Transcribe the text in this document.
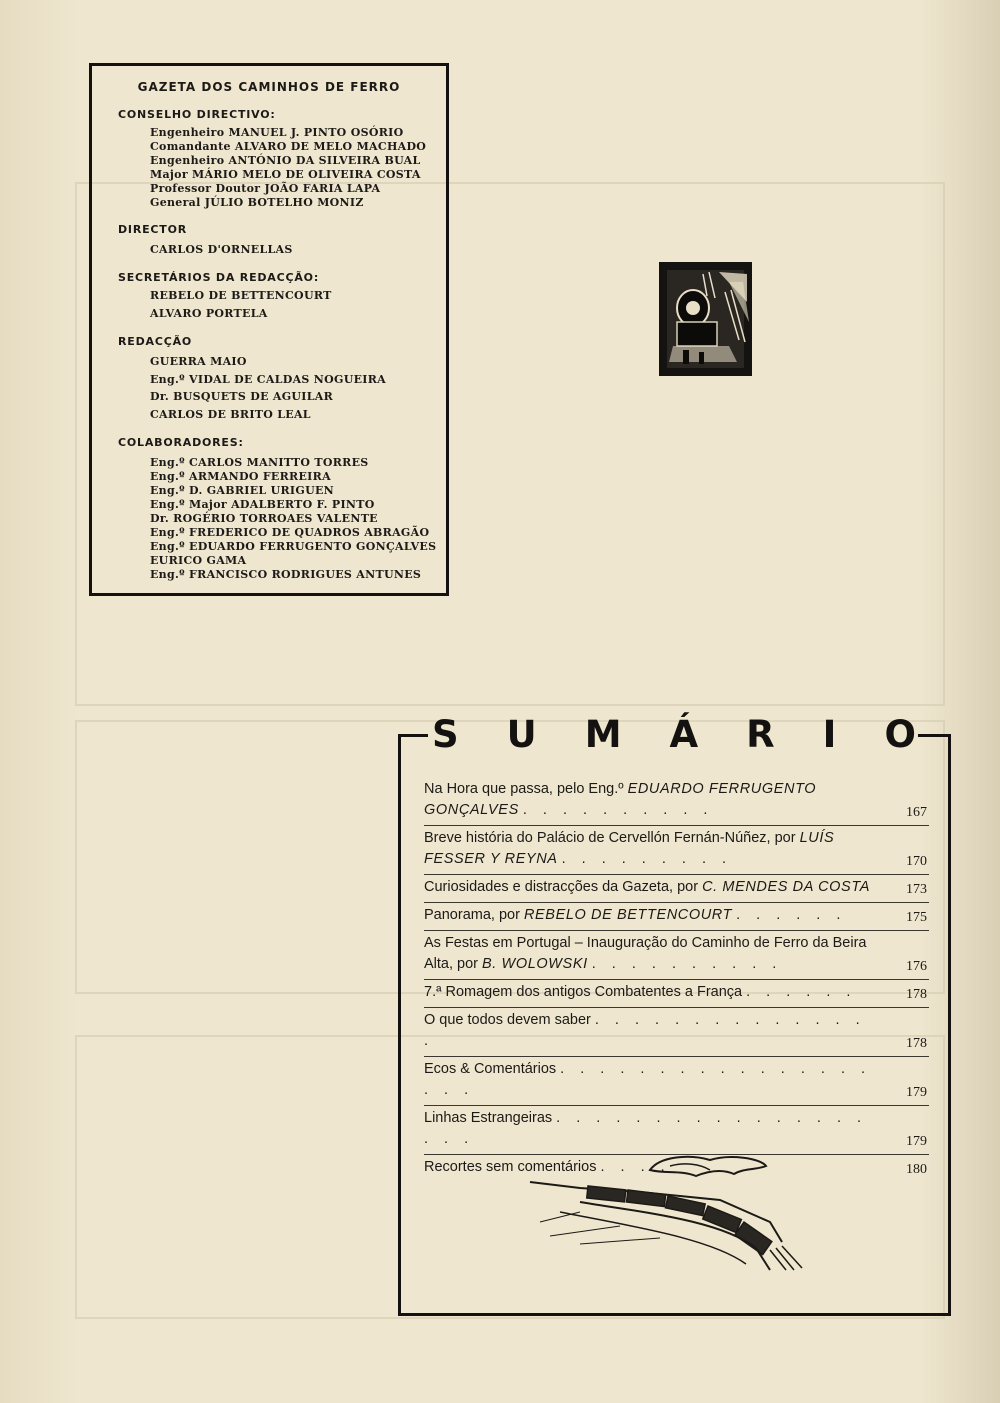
GAZETA DOS CAMINHOS DE FERRO
CONSELHO DIRECTIVO:
Engenheiro MANUEL J. PINTO OSÓRIO
Comandante ALVARO DE MELO MACHADO
Engenheiro ANTÓNIO DA SILVEIRA BUAL
Major MÁRIO MELO DE OLIVEIRA COSTA
Professor Doutor JOÃO FARIA LAPA
General JÚLIO BOTELHO MONIZ
DIRECTOR
CARLOS D'ORNELLAS
SECRETÁRIOS DA REDACÇÃO:
REBELO DE BETTENCOURT
ALVARO PORTELA
REDACÇÃO
GUERRA MAIO
Eng.º VIDAL DE CALDAS NOGUEIRA
Dr. BUSQUETS DE AGUILAR
CARLOS DE BRITO LEAL
COLABORADORES:
Eng.º CARLOS MANITTO TORRES
Eng.º ARMANDO FERREIRA
Eng.º D. GABRIEL URIGUEN
Eng.º Major ADALBERTO F. PINTO
Dr. ROGÉRIO TORROAES VALENTE
Eng.º FREDERICO DE QUADROS ABRAGÃO
Eng.º EDUARDO FERRUGENTO GONÇALVES
EURICO GAMA
Eng.º FRANCISCO RODRIGUES ANTUNES
S U M Á R I O
Na Hora que passa, pelo Eng.º EDUARDO FERRUGENTO GONÇALVES . . . . . . . . . .	167
Breve história do Palácio de Cervellón Fernán-Núñez, por LUÍS FESSER Y REYNA . . . . . . . . .	170
Curiosidades e distracções da Gazeta, por C. MENDES DA COSTA	173
Panorama, por REBELO DE BETTENCOURT . . . . . .	175
As Festas em Portugal – Inauguração do Caminho de Ferro da Beira Alta, por B. WOLOWSKI . . . . . . . . . .	176
7.ª Romagem dos antigos Combatentes a França . . . . . .	178
O que todos devem saber . . . . . . . . . . . . . . .	178
Ecos & Comentários . . . . . . . . . . . . . . . . . . .	179
Linhas Estrangeiras . . . . . . . . . . . . . . . . . . .	179
Recortes sem comentários . . . .	180
